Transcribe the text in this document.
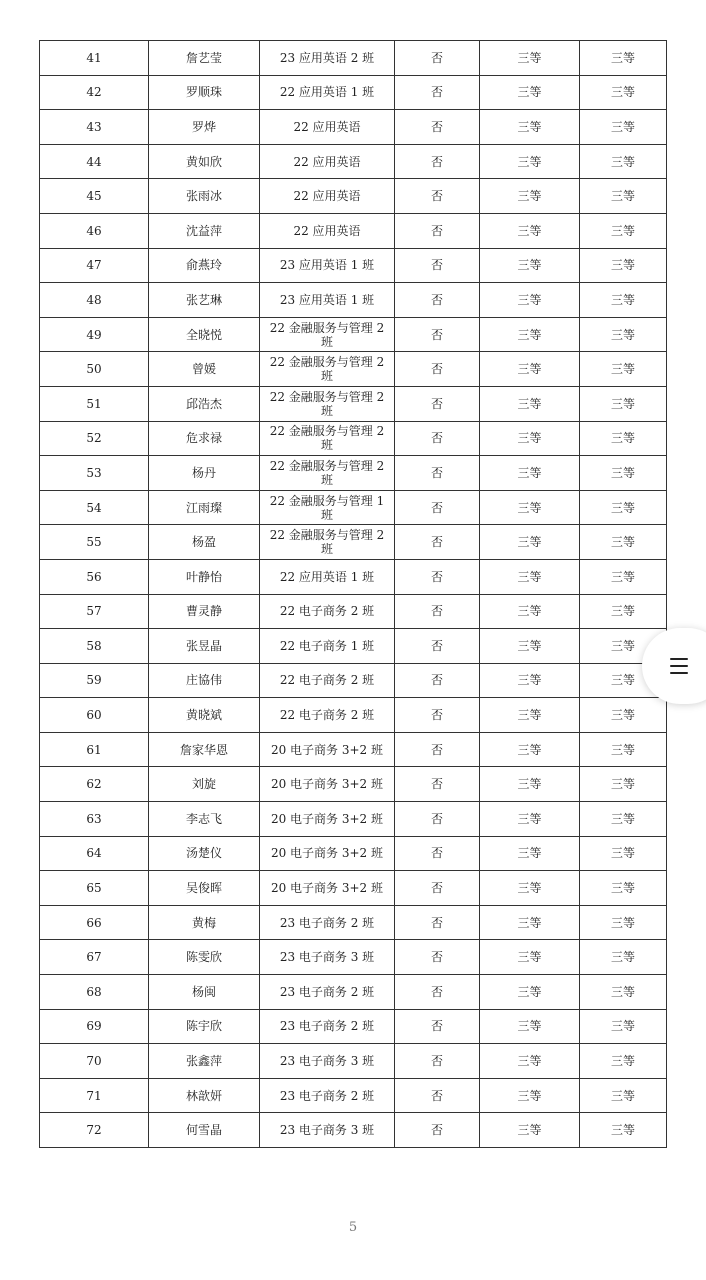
41	詹艺莹	23 应用英语 2 班	否	三等	三等
42	罗顺珠	22 应用英语 1 班	否	三等	三等
43	罗烨	22 应用英语	否	三等	三等
44	黄如欣	22 应用英语	否	三等	三等
45	张雨冰	22 应用英语	否	三等	三等
46	沈益萍	22 应用英语	否	三等	三等
47	俞燕玲	23 应用英语 1 班	否	三等	三等
48	张艺琳	23 应用英语 1 班	否	三等	三等
49	全晓悦	22 金融服务与管理 2 班	否	三等	三等
50	曾媛	22 金融服务与管理 2 班	否	三等	三等
51	邱浩杰	22 金融服务与管理 2 班	否	三等	三等
52	危求禄	22 金融服务与管理 2 班	否	三等	三等
53	杨丹	22 金融服务与管理 2 班	否	三等	三等
54	江雨璨	22 金融服务与管理 1 班	否	三等	三等
55	杨盈	22 金融服务与管理 2 班	否	三等	三等
56	叶静怡	22 应用英语 1 班	否	三等	三等
57	曹灵静	22 电子商务 2 班	否	三等	三等
58	张昱晶	22 电子商务 1 班	否	三等	三等
59	庄協伟	22 电子商务 2 班	否	三等	三等
60	黄晓斌	22 电子商务 2 班	否	三等	三等
61	詹家华恩	20 电子商务 3+2 班	否	三等	三等
62	刘旋	20 电子商务 3+2 班	否	三等	三等
63	李志飞	20 电子商务 3+2 班	否	三等	三等
64	汤楚仪	20 电子商务 3+2 班	否	三等	三等
65	吴俊晖	20 电子商务 3+2 班	否	三等	三等
66	黄梅	23 电子商务 2 班	否	三等	三等
67	陈雯欣	23 电子商务 3 班	否	三等	三等
68	杨闽	23 电子商务 2 班	否	三等	三等
69	陈宇欣	23 电子商务 2 班	否	三等	三等
70	张鑫萍	23 电子商务 3 班	否	三等	三等
71	林歆妍	23 电子商务 2 班	否	三等	三等
72	何雪晶	23 电子商务 3 班	否	三等	三等
5
